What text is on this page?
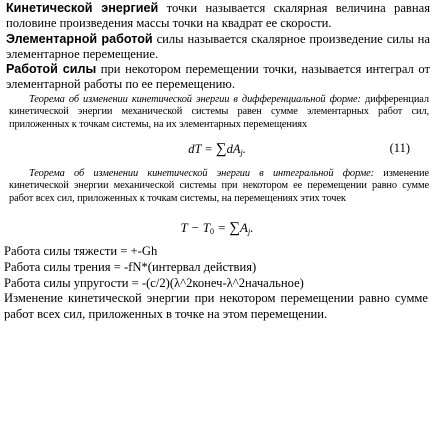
Кинетической энергией точки называется скалярная величина равная половине произведения массы точки на квадрат ее скорости.

Элементарной работой силы называется скалярное произведение силы на элементарное перемещение.

Работой силы при некотором перемещении точки, называется интеграл от элементарной работы по ее перемещению.

Теорема об изменении кинетической энергии в дифференциальной форме: дифференциал кинетической энергии механической системы равен сумме элементарных работ сил, приложенных к точкам системы, на их элементарных перемещениях

dT = $\sum dA_j$.	(11)

Теорема об изменении кинетической энергии в интегральной форме: изменение кинетической энергии механической системы при некотором ее перемещении равно сумме работ всех сил, приложенных к точкам системы, на перемещениях этих точек

$T - T_0 = \sum A_j$.

Работа силы тяжести = +-Gh

Работа силы трения = -fN*(интервал действия)

Работа силы упругости = -(c/2)(λ^2конеч-λ^2начальное)

Изменение кинетической энергии при некотором перемещении равно сумме работ всех сил, приложенных в точке на этом перемещении.
